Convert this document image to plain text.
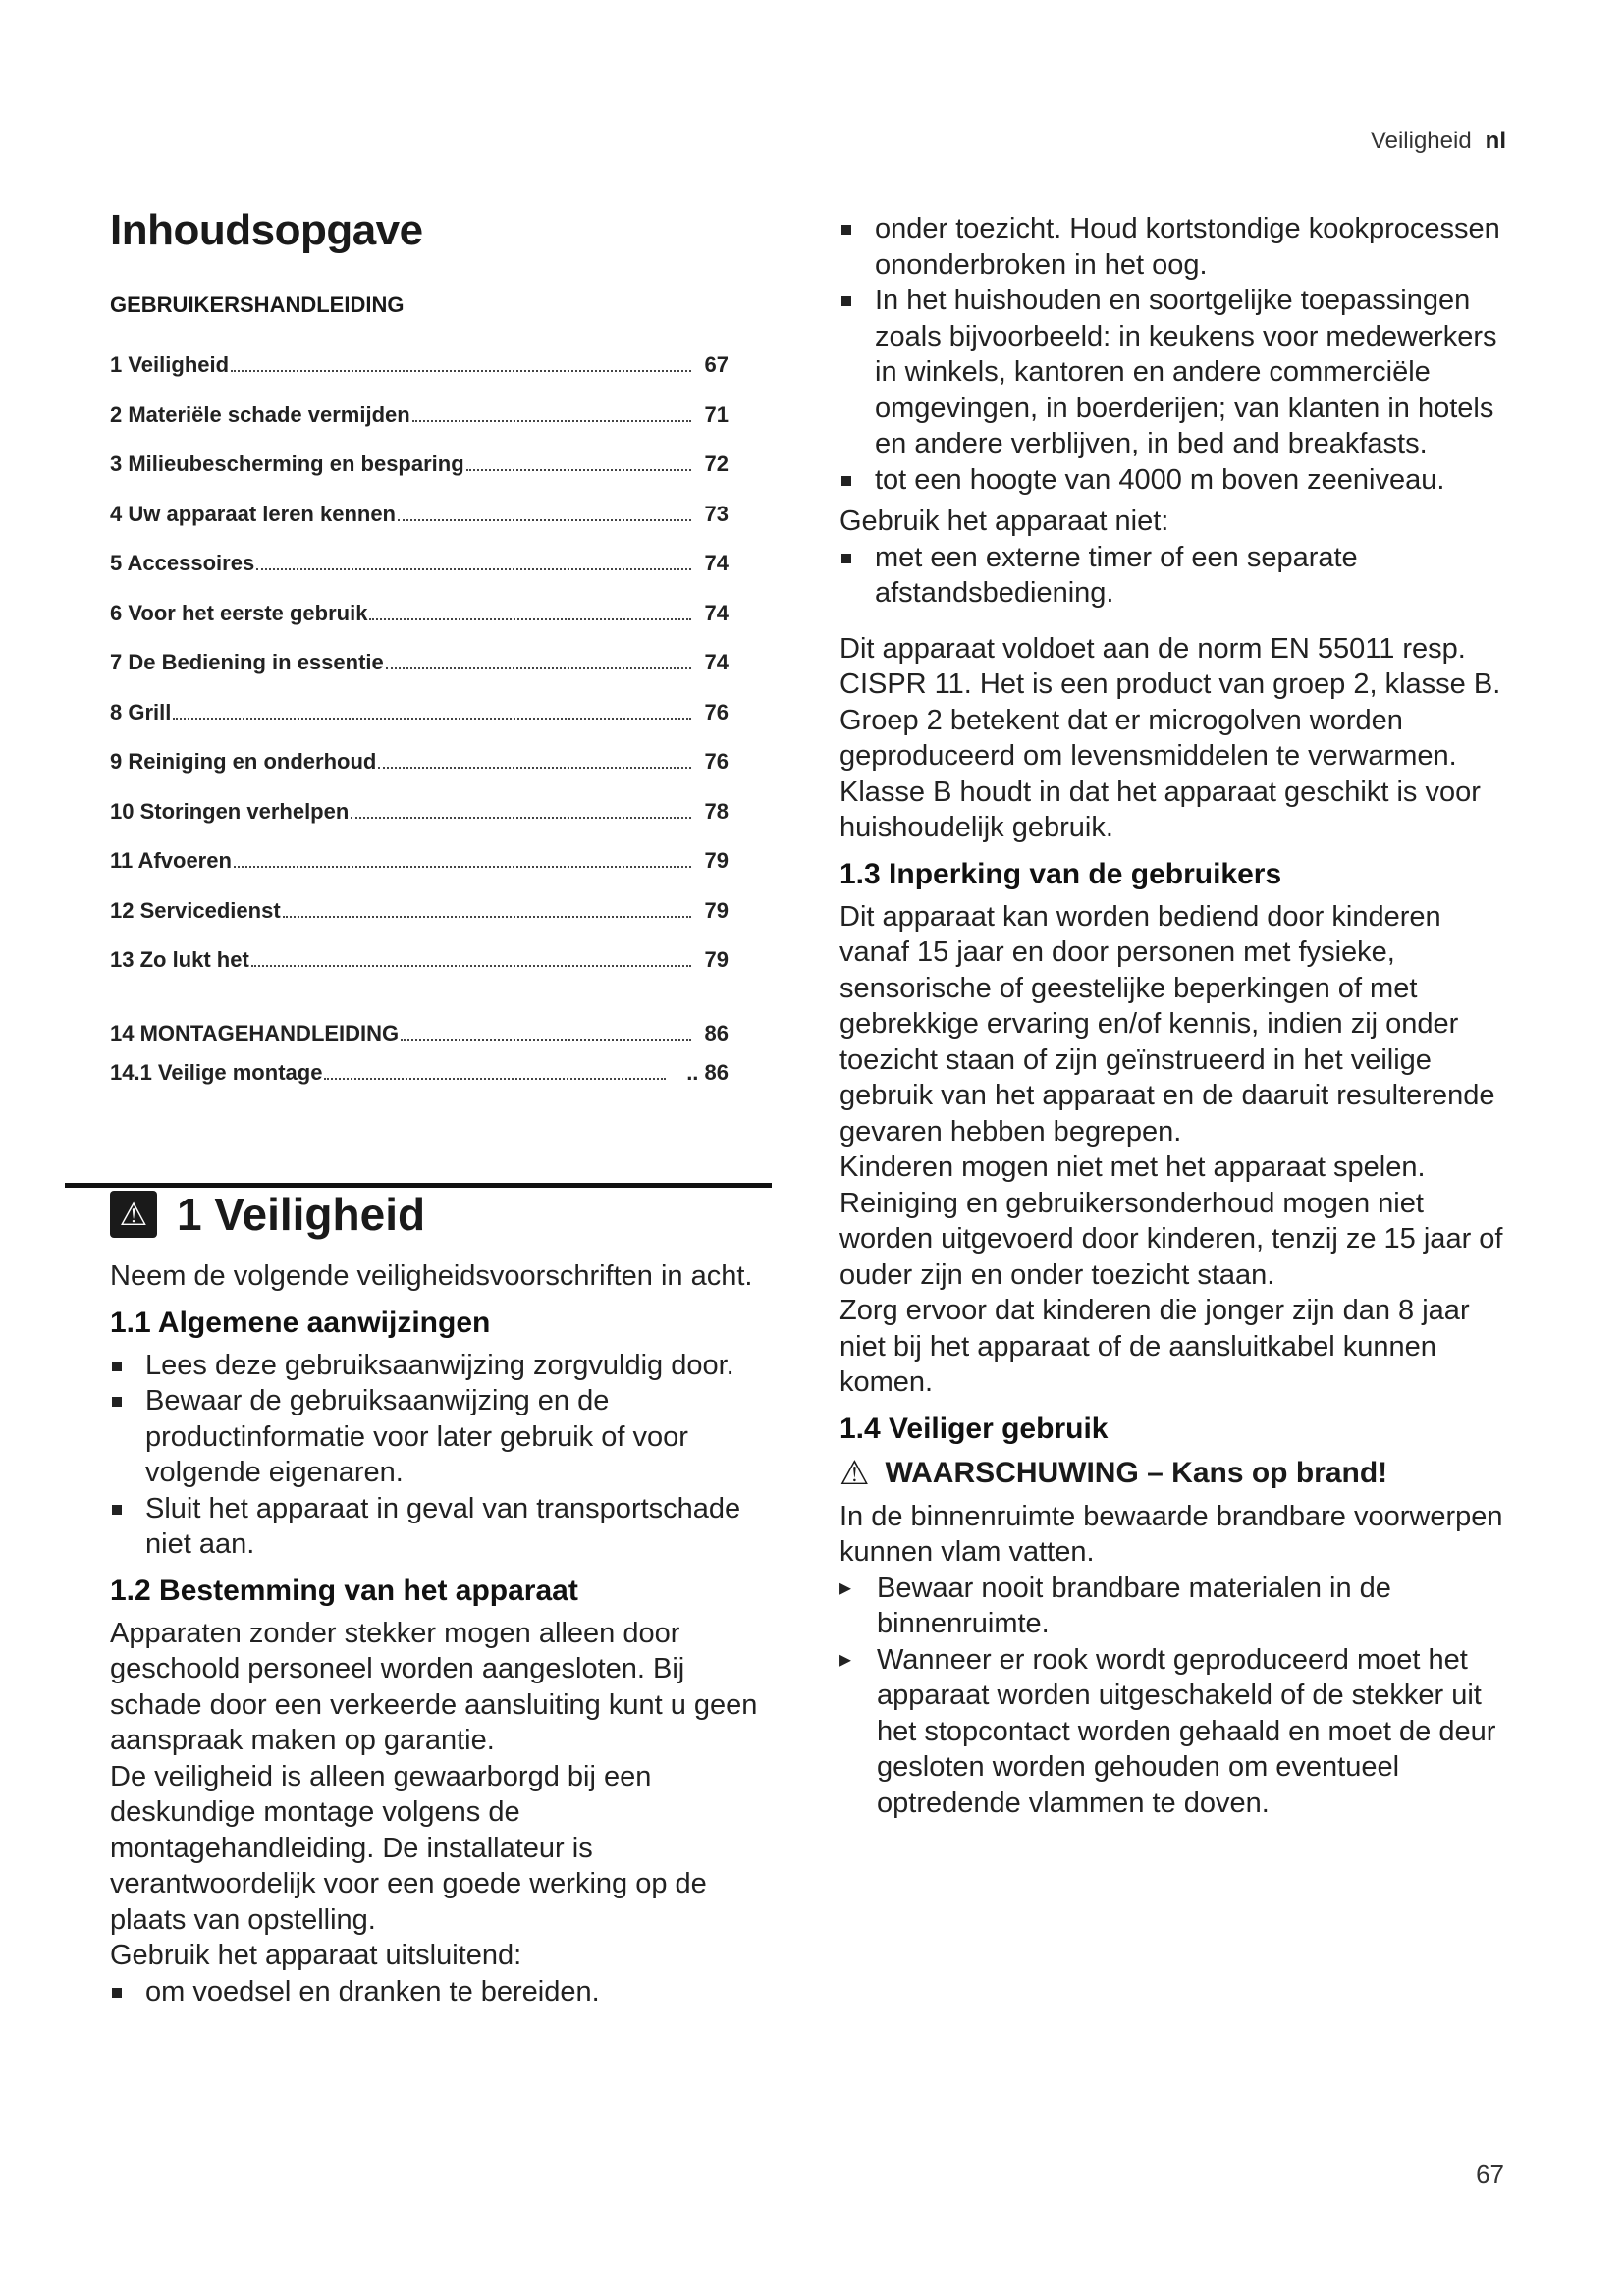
Veiligheid nl
Inhoudsopgave
GEBRUIKERSHANDLEIDING
1 Veiligheid	67
2 Materiële schade vermijden	71
3 Milieubescherming en besparing	72
4 Uw apparaat leren kennen	73
5 Accessoires	74
6 Voor het eerste gebruik	74
7 De Bediening in essentie	74
8 Grill	76
9 Reiniging en onderhoud	76
10 Storingen verhelpen	78
11 Afvoeren	79
12 Servicedienst	79
13 Zo lukt het	79
14 MONTAGEHANDLEIDING	86
14.1 Veilige montage	.. 86
⚠ 1 Veiligheid

Neem de volgende veiligheidsvoorschriften in acht.

1.1 Algemene aanwijzingen
Lees deze gebruiksaanwijzing zorgvuldig door.
Bewaar de gebruiksaanwijzing en de productinformatie voor later gebruik of voor volgende eigenaren.
Sluit het apparaat in geval van transportschade niet aan.
1.2 Bestemming van het apparaat

Apparaten zonder stekker mogen alleen door geschoold personeel worden aangesloten. Bij schade door een verkeerde aansluiting kunt u geen aanspraak maken op garantie.

De veiligheid is alleen gewaarborgd bij een deskundige montage volgens de montagehandleiding. De installateur is verantwoordelijk voor een goede werking op de plaats van opstelling.

Gebruik het apparaat uitsluitend:

om voedsel en dranken te bereiden.
onder toezicht. Houd kortstondige kookprocessen ononderbroken in het oog.
In het huishouden en soortgelijke toepassingen zoals bijvoorbeeld: in keukens voor medewerkers in winkels, kantoren en andere commerciële omgevingen, in boerderijen; van klanten in hotels en andere verblijven, in bed and breakfasts.
tot een hoogte van 4000 m boven zeeniveau.

Gebruik het apparaat niet:

met een externe timer of een separate afstandsbediening.

Dit apparaat voldoet aan de norm EN 55011 resp. CISPR 11. Het is een product van groep 2, klasse B. Groep 2 betekent dat er microgolven worden geproduceerd om levensmiddelen te verwarmen. Klasse B houdt in dat het apparaat geschikt is voor huishoudelijk gebruik.

1.3 Inperking van de gebruikers

Dit apparaat kan worden bediend door kinderen vanaf 15 jaar en door personen met fysieke, sensorische of geestelijke beperkingen of met gebrekkige ervaring en/of kennis, indien zij onder toezicht staan of zijn geïnstrueerd in het veilige gebruik van het apparaat en de daaruit resulterende gevaren hebben begrepen.

Kinderen mogen niet met het apparaat spelen.

Reiniging en gebruikersonderhoud mogen niet worden uitgevoerd door kinderen, tenzij ze 15 jaar of ouder zijn en onder toezicht staan.

Zorg ervoor dat kinderen die jonger zijn dan 8 jaar niet bij het apparaat of de aansluitkabel kunnen komen.

1.4 Veiliger gebruik
⚠ WAARSCHUWING – Kans op brand!

In de binnenruimte bewaarde brandbare voorwerpen kunnen vlam vatten.

▸ Bewaar nooit brandbare materialen in de binnenruimte.
▸ Wanneer er rook wordt geproduceerd moet het apparaat worden uitgeschakeld of de stekker uit het stopcontact worden gehaald en moet de deur gesloten worden gehouden om eventueel optredende vlammen te doven.
67
